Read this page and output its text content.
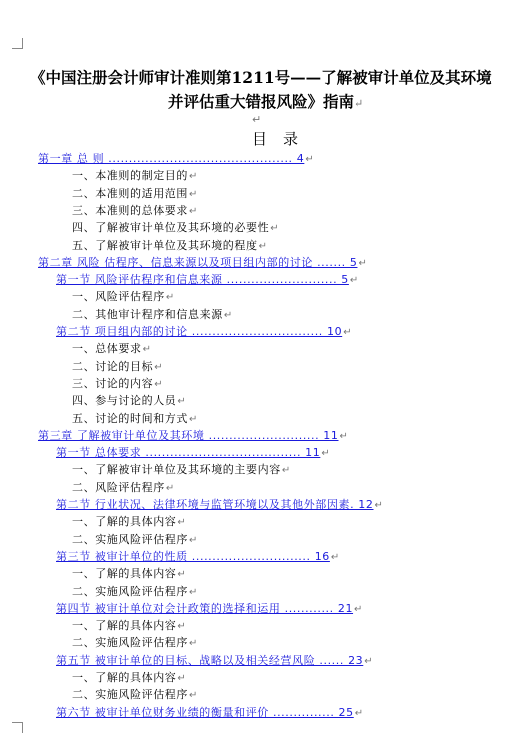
《中国注册会计师审计准则第1211号——了解被审计单位及其环境
并评估重大错报风险》指南↵
↵
目录
第一章 总 则 ............................................. 4↵
一、本准则的制定目的↵
二、本准则的适用范围↵
三、本准则的总体要求↵
四、了解被审计单位及其环境的必要性↵
五、了解被审计单位及其环境的程度↵
第二章 风险 估程序、信息来源以及项目组内部的讨论 ....... 5↵
第一节 风险评估程序和信息来源 ........................... 5↵
一、风险评估程序↵
二、其他审计程序和信息来源↵
第二节 项目组内部的讨论 ................................ 10↵
一、总体要求↵
二、讨论的目标↵
三、讨论的内容↵
四、参与讨论的人员↵
五、讨论的时间和方式↵
第三章 了解被审计单位及其环境 ........................... 11↵
第一节 总体要求 ...................................... 11↵
一、了解被审计单位及其环境的主要内容↵
二、风险评估程序↵
第二节 行业状况、法律环境与监管环境以及其他外部因素. 12↵
一、了解的具体内容↵
二、实施风险评估程序↵
第三节 被审计单位的性质 ............................. 16↵
一、了解的具体内容↵
二、实施风险评估程序↵
第四节 被审计单位对会计政策的选择和运用 ............ 21↵
一、了解的具体内容↵
二、实施风险评估程序↵
第五节 被审计单位的目标、战略以及相关经营风险 ...... 23↵
一、了解的具体内容↵
二、实施风险评估程序↵
第六节 被审计单位财务业绩的衡量和评价 ............... 25↵
